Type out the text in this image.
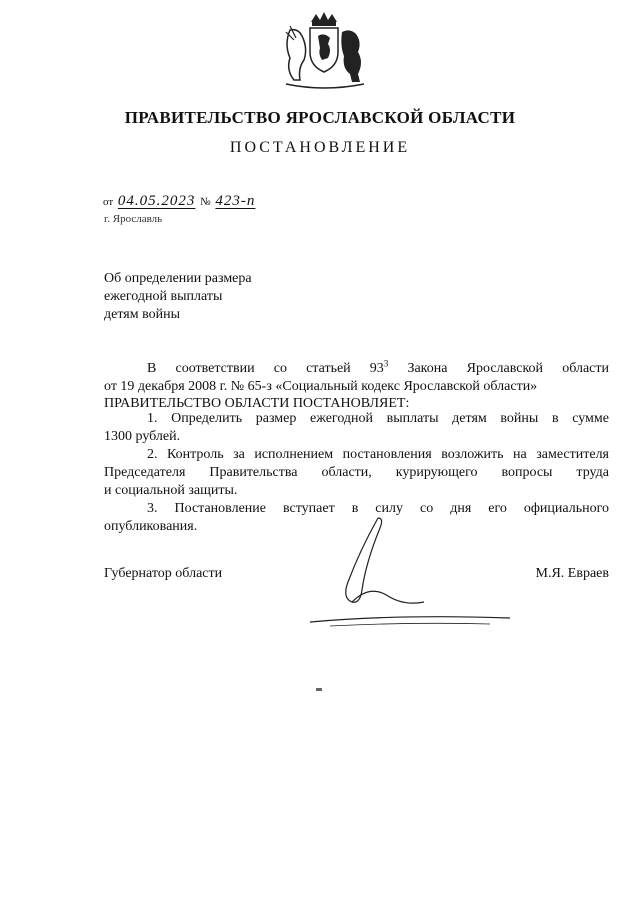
ПРАВИТЕЛЬСТВО ЯРОСЛАВСКОЙ ОБЛАСТИ
ПОСТАНОВЛЕНИЕ
от 04.05.2023 № 423-п
г. Ярославль
Об определении размера
ежегодной выплаты
детям войны
В соответствии со статьей $93^3$ Закона Ярославской области
от 19 декабря 2008 г. № 65-з «Социальный кодекс Ярославской области»
ПРАВИТЕЛЬСТВО ОБЛАСТИ ПОСТАНОВЛЯЕТ:
1. Определить размер ежегодной выплаты детям войны в сумме
1300 рублей.
2. Контроль за исполнением постановления возложить на заместителя
Председателя Правительства области, курирующего вопросы труда
и социальной защиты.
3. Постановление вступает в силу со дня его официального
опубликования.
Губернатор области	М.Я. Евраев
